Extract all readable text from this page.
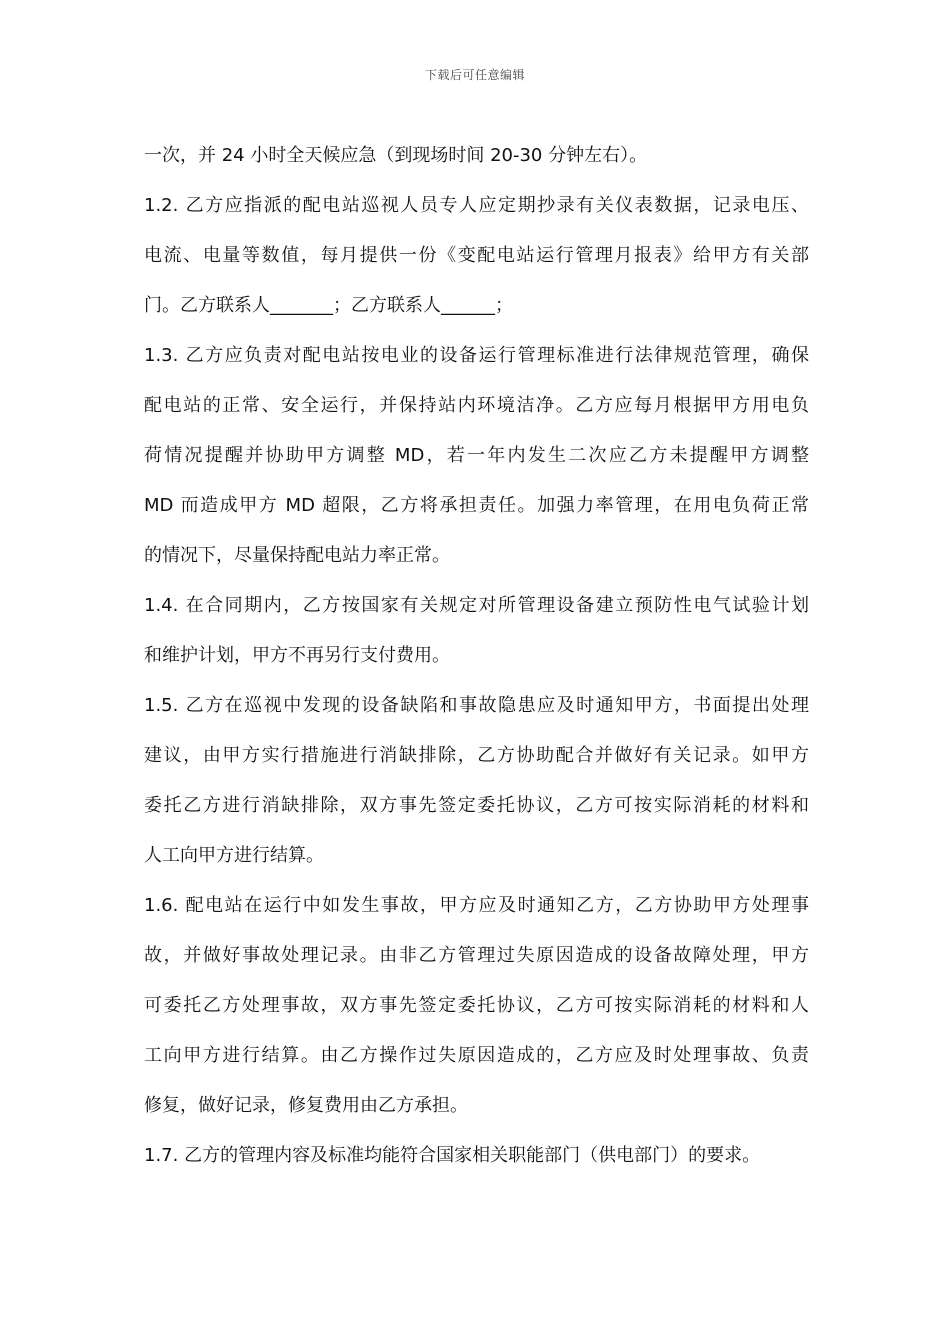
下载后可任意编辑
一次，并 24 小时全天候应急（到现场时间 20-30 分钟左右）。
1.2. 乙方应指派的配电站巡视人员专人应定期抄录有关仪表数据，记录电压、
电流、电量等数值，每月提供一份《变配电站运行管理月报表》给甲方有关部
门。乙方联系人_______；乙方联系人______；
1.3. 乙方应负责对配电站按电业的设备运行管理标准进行法律规范管理，确保
配电站的正常、安全运行，并保持站内环境洁净。乙方应每月根据甲方用电负
荷情况提醒并协助甲方调整 MD，若一年内发生二次应乙方未提醒甲方调整
MD 而造成甲方 MD 超限，乙方将承担责任。加强力率管理，在用电负荷正常
的情况下，尽量保持配电站力率正常。
1.4. 在合同期内，乙方按国家有关规定对所管理设备建立预防性电气试验计划
和维护计划，甲方不再另行支付费用。
1.5. 乙方在巡视中发现的设备缺陷和事故隐患应及时通知甲方，书面提出处理
建议，由甲方实行措施进行消缺排除，乙方协助配合并做好有关记录。如甲方
委托乙方进行消缺排除，双方事先签定委托协议，乙方可按实际消耗的材料和
人工向甲方进行结算。
1.6. 配电站在运行中如发生事故，甲方应及时通知乙方，乙方协助甲方处理事
故，并做好事故处理记录。由非乙方管理过失原因造成的设备故障处理，甲方
可委托乙方处理事故，双方事先签定委托协议，乙方可按实际消耗的材料和人
工向甲方进行结算。由乙方操作过失原因造成的，乙方应及时处理事故、负责
修复，做好记录，修复费用由乙方承担。
1.7. 乙方的管理内容及标准均能符合国家相关职能部门（供电部门）的要求。
